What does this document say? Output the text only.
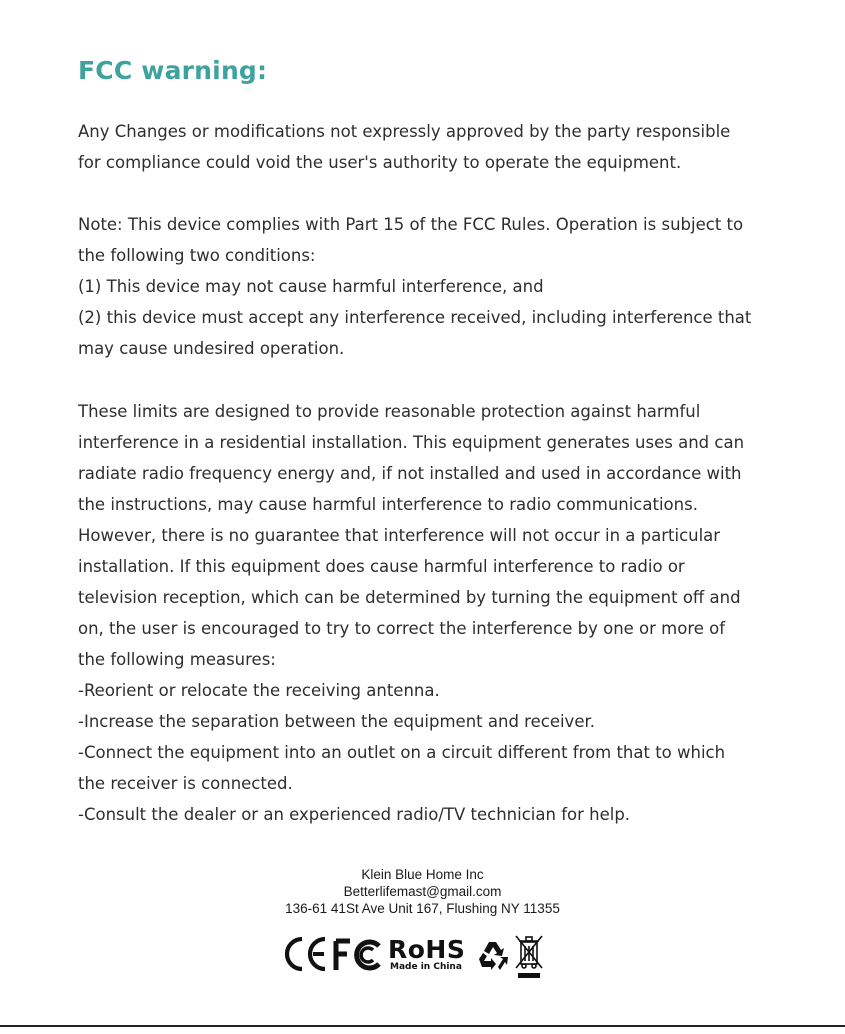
FCC warning:
Any Changes or modifications not expressly approved by the party responsible
for compliance could void the user's authority to operate the equipment.
Note: This device complies with Part 15 of the FCC Rules. Operation is subject to
the following two conditions:
(1) This device may not cause harmful interference, and
(2) this device must accept any interference received, including interference that
may cause undesired operation.
These limits are designed to provide reasonable protection against harmful
interference in a residential installation. This equipment generates uses and can
radiate radio frequency energy and, if not installed and used in accordance with
the instructions, may cause harmful interference to radio communications.
However, there is no guarantee that interference will not occur in a particular
installation. If this equipment does cause harmful interference to radio or
television reception, which can be determined by turning the equipment off and
on, the user is encouraged to try to correct the interference by one or more of
the following measures:
-Reorient or relocate the receiving antenna.
-Increase the separation between the equipment and receiver.
-Connect the equipment into an outlet on a circuit different from that to which
the receiver is connected.
-Consult the dealer or an experienced radio/TV technician for help.
Klein Blue Home Inc
Betterlifemast@gmail.com
136-61 41St Ave Unit 167, Flushing NY 11355
RoHS
Made in China
